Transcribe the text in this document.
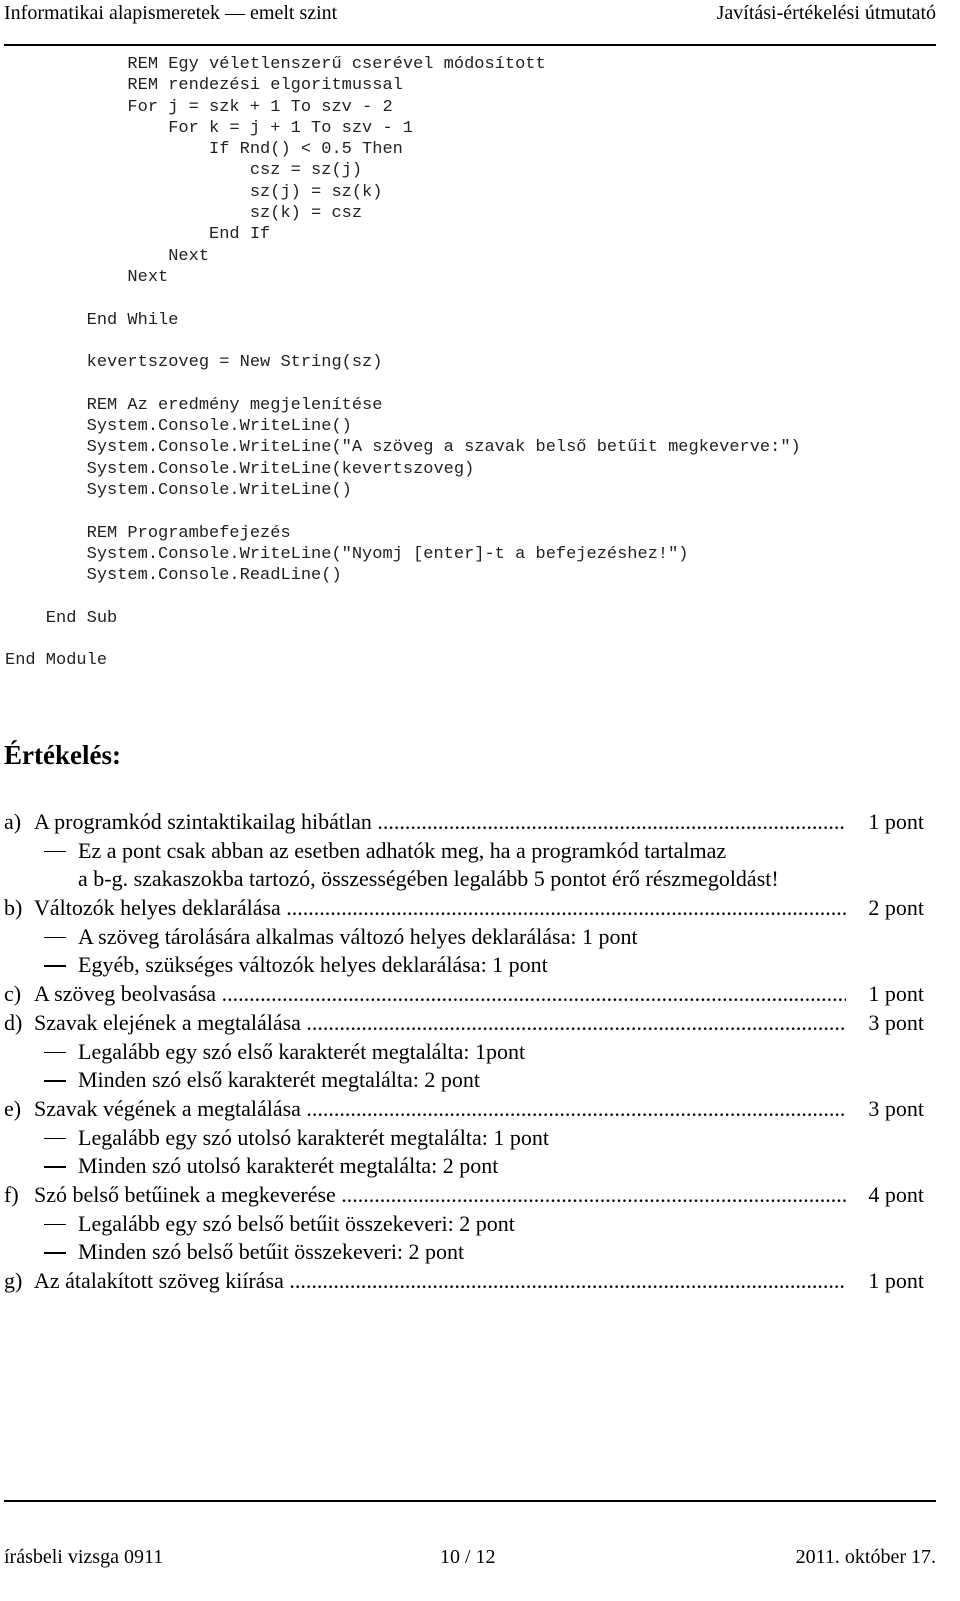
Informatikai alapismeretek — emelt szint	Javítási-értékelési útmutató
REM Egy véletlenszerű cserével módosított
REM rendezési elgoritmussal
For j = szk + 1 To szv - 2
For k = j + 1 To szv - 1
If Rnd() < 0.5 Then
csz = sz(j)
sz(j) = sz(k)
sz(k) = csz
End If
Next
Next
End While
kevertszoveg = New String(sz)
REM Az eredmény megjelenítése
System.Console.WriteLine()
System.Console.WriteLine("A szöveg a szavak belső betűit megkeverve:")
System.Console.WriteLine(kevertszoveg)
System.Console.WriteLine()
REM Programbefejezés
System.Console.WriteLine("Nyomj [enter]-t a befejezéshez!")
System.Console.ReadLine()
End Sub
End Module
Értékelés:
a) A programkód szintaktikailag hibátlan .....	1 pont
Ez a pont csak abban az esetben adhatók meg, ha a programkód tartalmaz
a b-g. szakaszokba tartozó, összességében legalább 5 pontot érő részmegoldást!
b) Változók helyes deklarálása .....	2 pont
A szöveg tárolására alkalmas változó helyes deklarálása: 1 pont
Egyéb, szükséges változók helyes deklarálása: 1 pont
c) A szöveg beolvasása .....	1 pont
d) Szavak elejének a megtalálása .....	3 pont
Legalább egy szó első karakterét megtalálta: 1pont
Minden szó első karakterét megtalálta: 2 pont
e) Szavak végének a megtalálása .....	3 pont
Legalább egy szó utolsó karakterét megtalálta: 1 pont
Minden szó utolsó karakterét megtalálta: 2 pont
f) Szó belső betűinek a megkeverése .....	4 pont
Legalább egy szó belső betűit összekeveri: 2 pont
Minden szó belső betűit összekeveri: 2 pont
g) Az átalakított szöveg kiírása .....	1 pont
írásbeli vizsga 0911	10 / 12	2011. október 17.
